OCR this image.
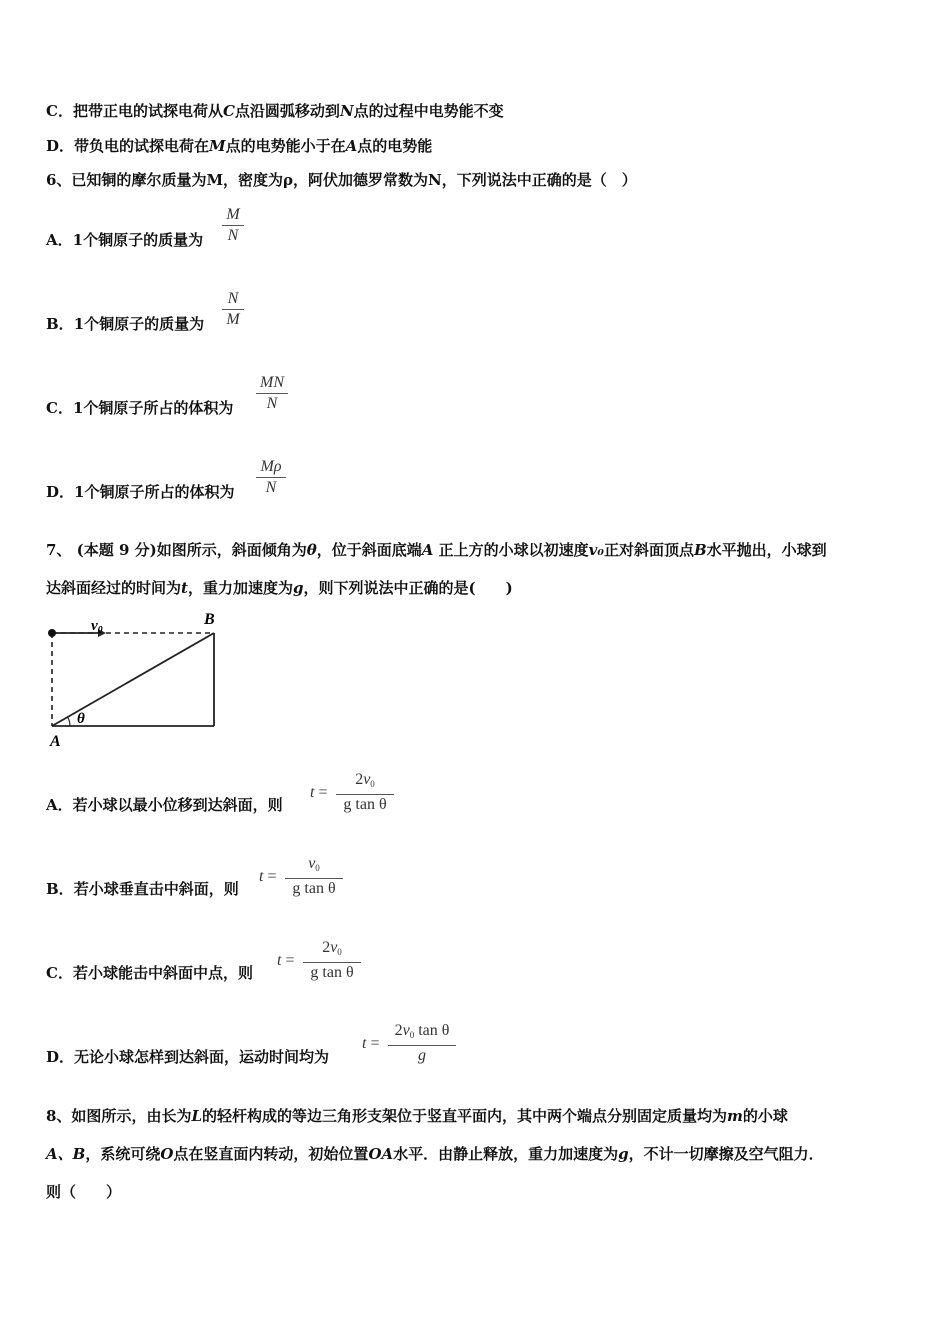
C．把带正电的试探电荷从C点沿圆弧移动到N点的过程中电势能不变
D．带负电的试探电荷在M点的电势能小于在A点的电势能
6、已知铜的摩尔质量为M，密度为ρ，阿伏加德罗常数为N，下列说法中正确的是（　）
A．1个铜原子的质量为
M
N
B．1个铜原子的质量为
N
M
C．1个铜原子所占的体积为
MN
N
D．1个铜原子所占的体积为
Mρ
N
7、 (本题 9 分)如图所示，斜面倾角为θ，位于斜面底端A 正上方的小球以初速度v₀正对斜面顶点B水平抛出，小球到
达斜面经过的时间为t，重力加速度为g，则下列说法中正确的是(　　)
$v_0$
B
A
θ
A．若小球以最小位移到达斜面，则
t =
$2v_0$
g tan θ
B．若小球垂直击中斜面，则
t =
$v_0$
g tan θ
C．若小球能击中斜面中点，则
t =
$2v_0$
g tan θ
D．无论小球怎样到达斜面，运动时间均为
t =
$2v_0$ tan θ
g
8、如图所示，由长为L的轻杆构成的等边三角形支架位于竖直平面内，其中两个端点分别固定质量均为m的小球
A、B，系统可绕O点在竖直面内转动，初始位置OA水平．由静止释放，重力加速度为g，不计一切摩擦及空气阻力．
则（　　）
